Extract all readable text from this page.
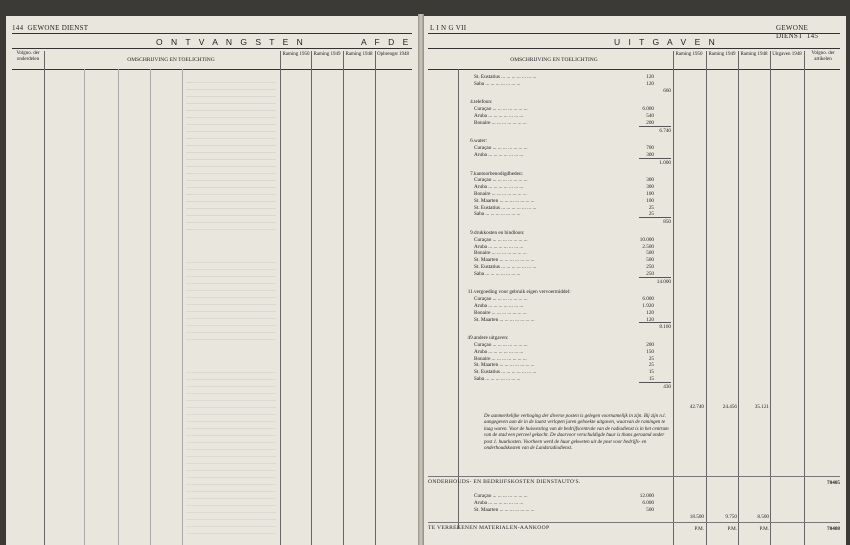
144 GEWONE DIENST
O N T V A N G S T E N	A F D E
Volgno. der onderdelen	OMSCHRIJVING EN TOELICHTING
Raming 1950 Raming 1949 Raming 1948 Opbrengst 1948
L I N G VII	GEWONE DIENST 145
U I T G A V E N
OMSCHRIJVING EN TOELICHTING
Raming 1950 Raming 1949 Raming 1948 Uitgaven 1948	Volgno. der artikelen
St. Eustatius ... ... ... ... ... ... ...	120
Saba ... ... ... ... ... ... ...	120
660
4. telefoon:
Curaçao ... ... ... ... ... ... ...	6.000
Aruba ... ... ... ... ... ... ...	540
Bonaire ... ... ... ... ... ... ...	200
6.740
6. water:
Curaçao ... ... ... ... ... ... ...	700
Aruba ... ... ... ... ... ... ...	300
1.000
7. kantoorbenodigdheden:
Curaçao ... ... ... ... ... ... ...	300
Aruba ... ... ... ... ... ... ...	300
Bonaire ... ... ... ... ... ... ...	100
St. Maarten ... ... ... ... ... ... ...	100
St. Eustatius ... ... ... ... ... ... ...	25
Saba ... ... ... ... ... ... ...	25
850
9. drukkosten en bindloon:
Curaçao ... ... ... ... ... ... ...	10.000
Aruba ... ... ... ... ... ... ...	2.500
Bonaire ... ... ... ... ... ... ...	500
St. Maarten ... ... ... ... ... ... ...	500
St. Eustatius ... ... ... ... ... ... ...	250
Saba ... ... ... ... ... ... ...	250
14.000
11. vergoeding voor gebruik eigen vervoermiddel:
Curaçao ... ... ... ... ... ... ...	6.000
Aruba ... ... ... ... ... ... ...	1.920
Bonaire ... ... ... ... ... ... ...	120
St. Maarten ... ... ... ... ... ... ...	120
8.160
49. andere uitgaven:
Curaçao ... ... ... ... ... ... ...	200
Aruba ... ... ... ... ... ... ...	150
Bonaire ... ... ... ... ... ... ...	25
St. Maarten ... ... ... ... ... ... ...	25
St. Eustatius ... ... ... ... ... ... ...	15
Saba ... ... ... ... ... ... ...	15
430
42.740	24.456	35.121
De aanmerkelijke verhoging der diverse posten is gelegen voornamelijk in zijn. Bij zijn n.l. aangegeven aan de in de laatst verlopen jaren geboekte uitgaven, waarvan de ramingen te laag waren. Voor de huisvesting van de bedrijfscentrale van de radiodienst is in het centrum van de stad een perceel gekocht. De daarvoor verschuldigde huur is thans geraamd onder post 1. huurkosten. Voorheen werd de huur gekweten uit de post voor bedrijfs- en onderhoudskosten van de Landsradiodienst.
ONDERHOUDS- EN BEDRIJFSKOSTEN DIENSTAUTO'S.	70405
Curaçao ... ... ... ... ... ... ...	12.000
Aruba ... ... ... ... ... ... ...	6.000
St. Maarten ... ... ... ... ... ... ...	500
18.500	9.750	8.500
TE VERREKENEN MATERIALEN-AANKOOP	P.M.	P.M.	P.M.	70408
